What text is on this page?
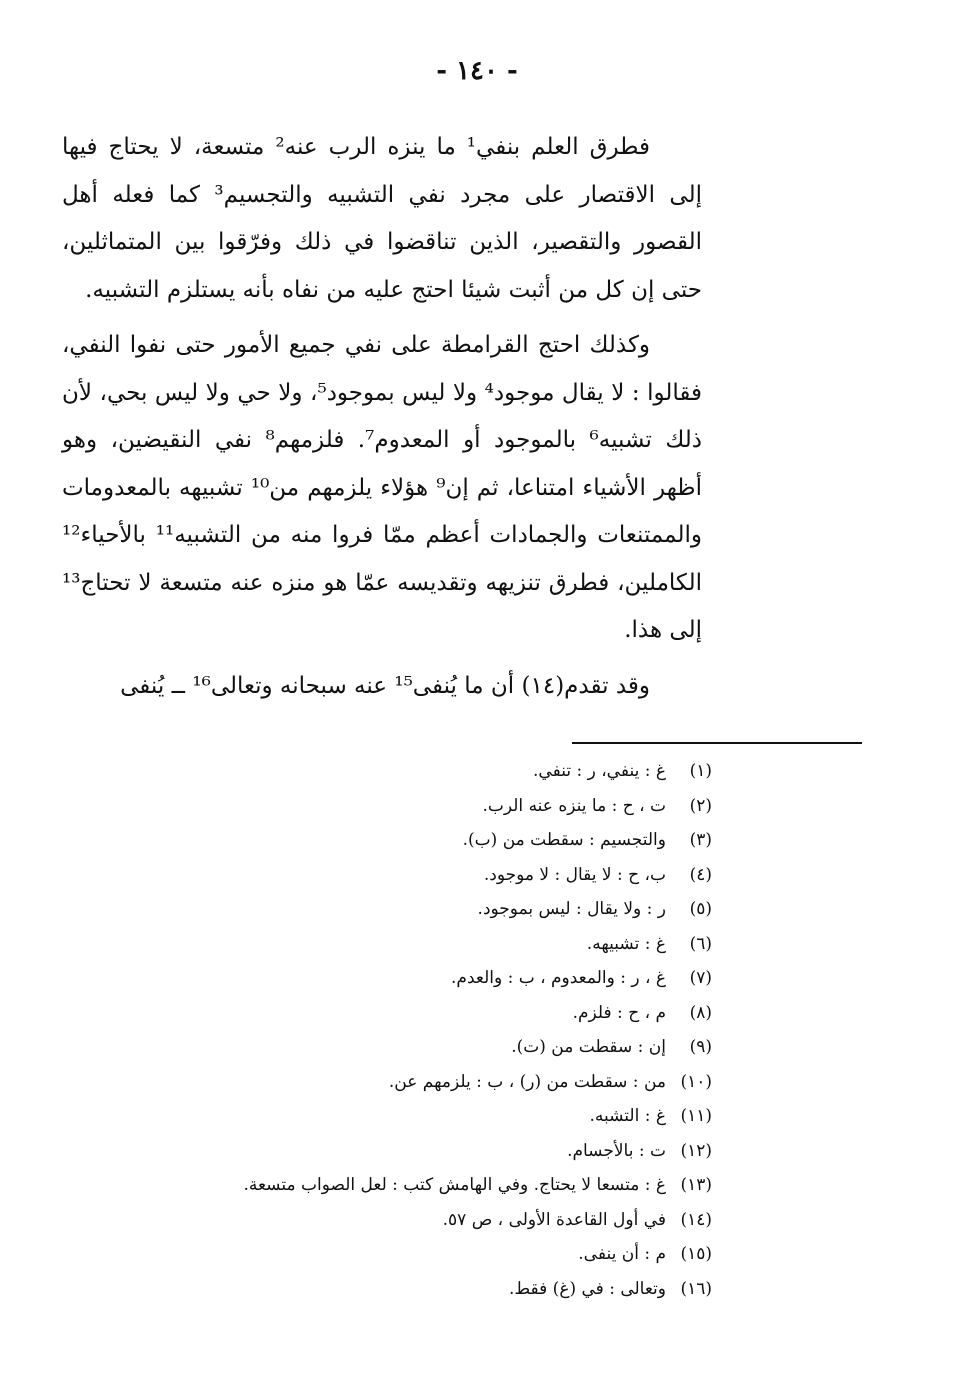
- ١٤٠ -

فطرق العلم بنفي¹ ما ينزه الرب عنه² متسعة، لا يحتاج فيها إلى الاقتصار على مجرد نفي التشبيه والتجسيم³ كما فعله أهل القصور والتقصير، الذين تناقضوا في ذلك وفرّقوا بين المتماثلين، حتى إن كل من أثبت شيئا احتج عليه من نفاه بأنه يستلزم التشبيه.

وكذلك احتج القرامطة على نفي جميع الأمور حتى نفوا النفي، فقالوا : لا يقال موجود⁴ ولا ليس بموجود⁵، ولا حي ولا ليس بحي، لأن ذلك تشبيه⁶ بالموجود أو المعدوم⁷. فلزمهم⁸ نفي النقيضين، وهو أظهر الأشياء امتناعا، ثم إن⁹ هؤلاء يلزمهم من¹⁰ تشبيهه بالمعدومات والممتنعات والجمادات أعظم ممّا فروا منه من التشبيه¹¹ بالأحياء¹² الكاملين، فطرق تنزيهه وتقديسه عمّا هو منزه عنه متسعة لا تحتاج¹³ إلى هذا.

وقد تقدم(١٤) أن ما يُنفى¹⁵ عنه سبحانه وتعالى¹⁶ ــ يُنفى

(١)غ : ينفي، ر : تنفي.
(٢)ت ، ح : ما ينزه عنه الرب.
(٣)والتجسيم : سقطت من (ب).
(٤)ب، ح : لا يقال : لا موجود.
(٥)ر : ولا يقال : ليس بموجود.
(٦)غ : تشبيهه.
(٧)غ ، ر : والمعدوم ، ب : والعدم.
(٨)م ، ح : فلزم.
(٩)إن : سقطت من (ت).
(١٠)من : سقطت من (ر) ، ب : يلزمهم عن.
(١١)غ : التشبه.
(١٢)ت : بالأجسام.
(١٣)غ : متسعا لا يحتاج. وفي الهامش كتب : لعل الصواب متسعة.
(١٤)في أول القاعدة الأولى ، ص ٥٧.
(١٥)م : أن ينفى.
(١٦)وتعالى : في (غ) فقط.
